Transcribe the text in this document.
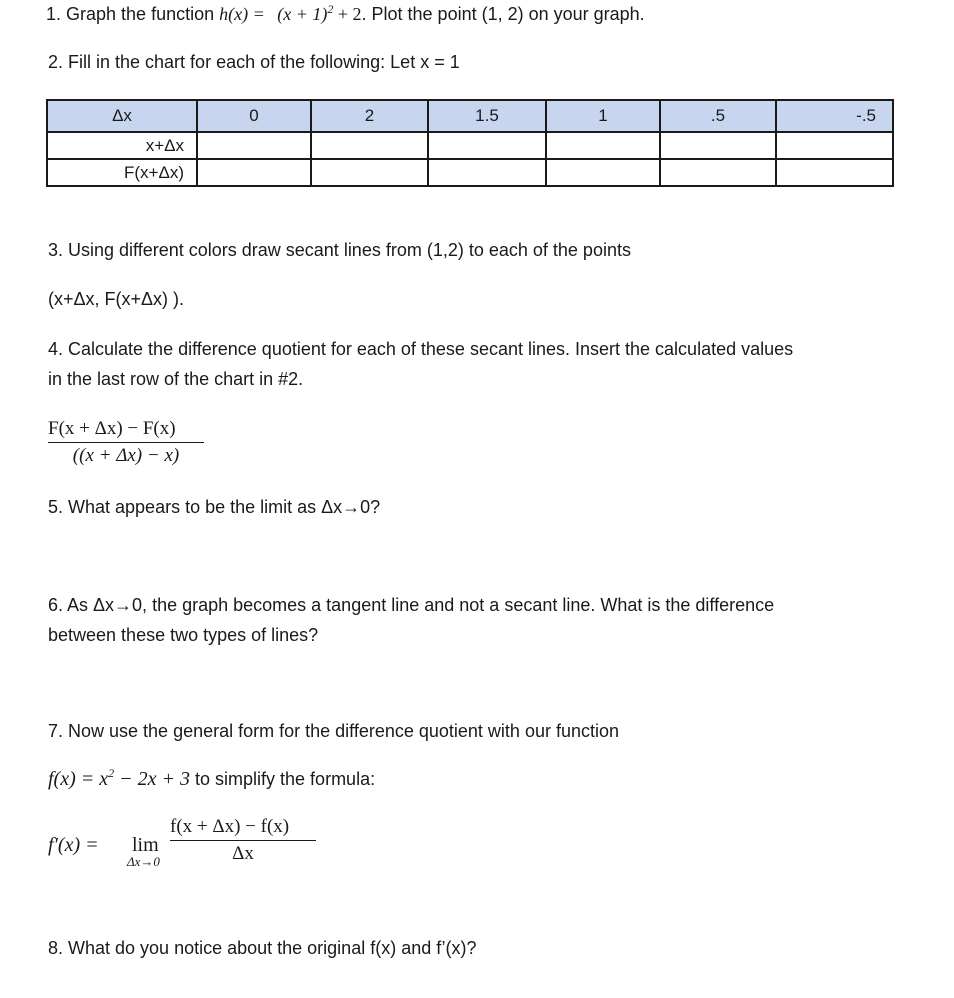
1. Graph the function $h(x) = (x + 1)^2 + 2$. Plot the point (1, 2) on your graph.
2. Fill in the chart for each of the following: Let x = 1
Δx	0	2	1.5	1	.5	-.5
x+Δx						
F(x+Δx)						
3. Using different colors draw secant lines from (1,2) to each of the points
(x+Δx, F(x+Δx) ).
4. Calculate the difference quotient for each of these secant lines. Insert the calculated values
in the last row of the chart in #2.
F(x + Δx) − F(x)
((x + Δx) − x)
5. What appears to be the limit as Δx→0?
6. As Δx→0, the graph becomes a tangent line and not a secant line. What is the difference
between these two types of lines?
7. Now use the general form for the difference quotient with our function
$f(x) = x^2 - 2x + 3$ to simplify the formula:
f′(x) = lim
Δx→0
f(x + Δx) − f(x)
Δx
8. What do you notice about the original f(x) and f’(x)?
